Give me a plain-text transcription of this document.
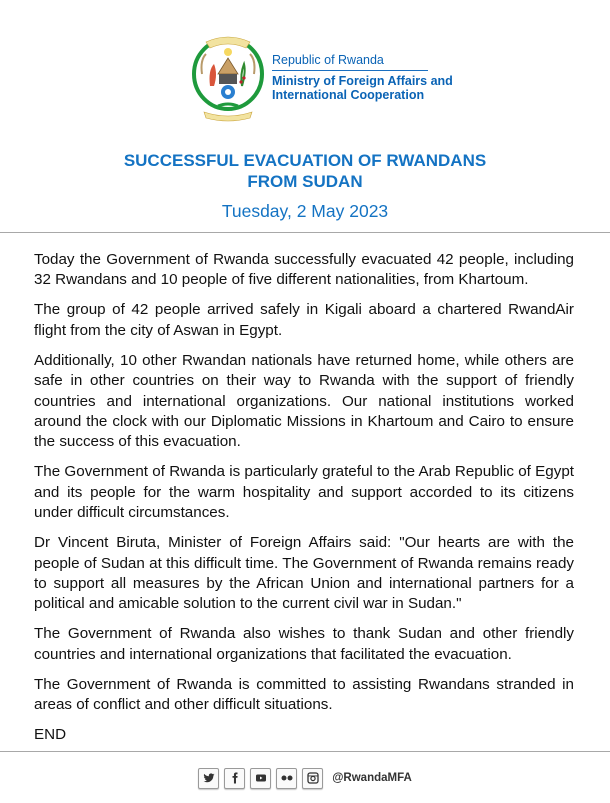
Republic of Rwanda
Ministry of Foreign Affairs and
International Cooperation
SUCCESSFUL EVACUATION OF RWANDANS
FROM SUDAN
Tuesday, 2 May 2023

Today the Government of Rwanda successfully evacuated 42 people, including 32 Rwandans and 10 people of five different nationalities, from Khartoum.

The group of 42 people arrived safely in Kigali aboard a chartered RwandAir flight from the city of Aswan in Egypt.

Additionally, 10 other Rwandan nationals have returned home, while others are safe in other countries on their way to Rwanda with the support of friendly countries and international organizations. Our national institutions worked around the clock with our Diplomatic Missions in Khartoum and Cairo to ensure the success of this evacuation.

The Government of Rwanda is particularly grateful to the Arab Republic of Egypt and its people for the warm hospitality and support accorded to its citizens under difficult circumstances.

Dr Vincent Biruta, Minister of Foreign Affairs said: "Our hearts are with the people of Sudan at this difficult time. The Government of Rwanda remains ready to support all measures by the African Union and international partners for a political and amicable solution to the current civil war in Sudan."

The Government of Rwanda also wishes to thank Sudan and other friendly countries and international organizations that facilitated the evacuation.

The Government of Rwanda is committed to assisting Rwandans stranded in areas of conflict and other difficult situations.

END

@RwandaMFA
